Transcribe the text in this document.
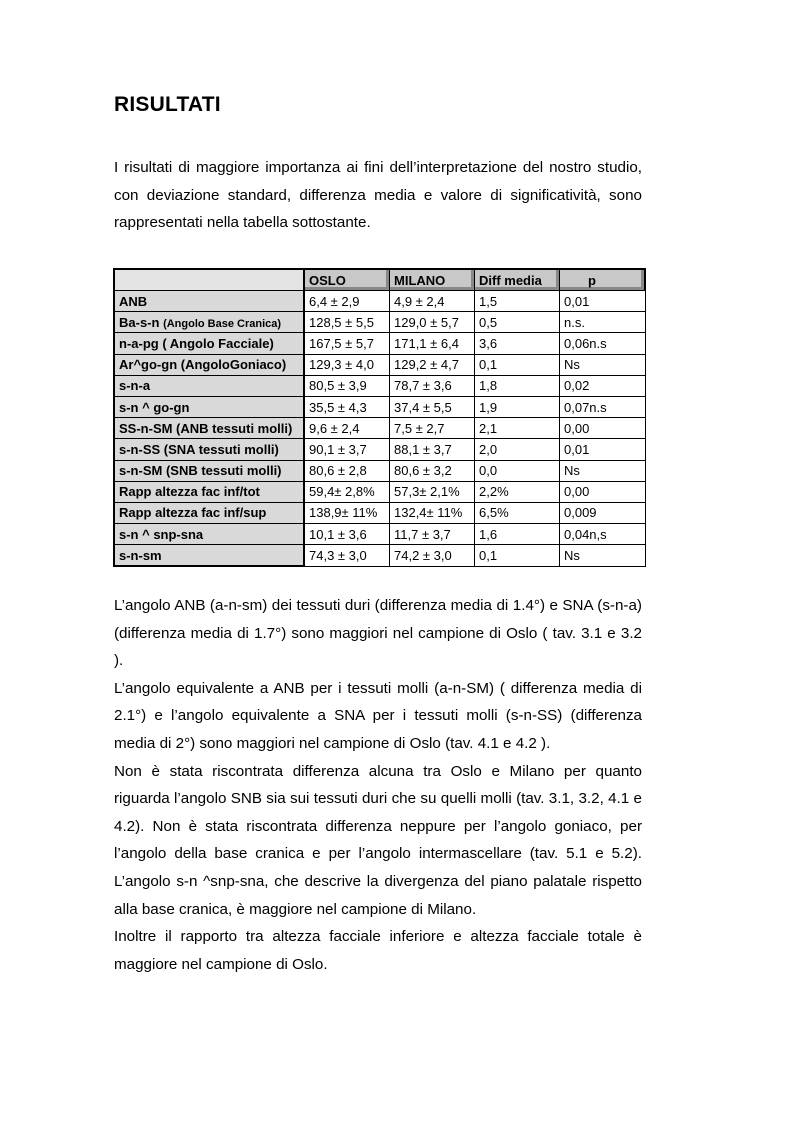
RISULTATI

I risultati di maggiore importanza ai fini dell’interpretazione del nostro studio, con deviazione standard, differenza media e valore di significatività, sono rappresentati nella tabella sottostante.

	OSLO	MILANO	Diff media	p
ANB	6,4 ± 2,9	4,9 ± 2,4	1,5	0,01
Ba-s-n (Angolo Base Cranica)	128,5 ± 5,5	129,0 ± 5,7	0,5	n.s.
n-a-pg ( Angolo Facciale)	167,5 ± 5,7	171,1 ± 6,4	3,6	0,06n.s
Ar^go-gn (AngoloGoniaco)	129,3 ± 4,0	129,2 ± 4,7	0,1	Ns
s-n-a	80,5 ± 3,9	78,7 ± 3,6	1,8	0,02
s-n ^ go-gn	35,5 ± 4,3	37,4 ± 5,5	1,9	0,07n.s
SS-n-SM (ANB tessuti molli)	9,6 ± 2,4	7,5 ± 2,7	2,1	0,00
s-n-SS (SNA tessuti molli)	90,1 ± 3,7	88,1 ± 3,7	2,0	0,01
s-n-SM (SNB tessuti molli)	80,6 ± 2,8	80,6 ± 3,2	0,0	Ns
Rapp altezza fac inf/tot	59,4± 2,8%	57,3± 2,1%	2,2%	0,00
Rapp altezza fac inf/sup	138,9± 11%	132,4± 11%	6,5%	0,009
s-n ^ snp-sna	10,1 ± 3,6	11,7 ± 3,7	1,6	0,04n,s
s-n-sm	74,3 ± 3,0	74,2 ± 3,0	0,1	Ns

L’angolo ANB (a-n-sm) dei tessuti duri (differenza media di 1.4°) e SNA (s-n-a) (differenza media di 1.7°) sono maggiori nel campione di Oslo ( tav. 3.1 e 3.2 ).

L’angolo equivalente a ANB per i tessuti molli (a-n-SM) ( differenza media di 2.1°) e l’angolo equivalente a SNA per i tessuti molli (s-n-SS) (differenza media di 2°) sono maggiori nel campione di Oslo (tav. 4.1 e 4.2 ).

Non è stata riscontrata differenza alcuna tra Oslo e Milano per quanto riguarda l’angolo SNB sia sui tessuti duri che su quelli molli (tav. 3.1, 3.2, 4.1 e 4.2). Non è stata riscontrata differenza neppure per l’angolo goniaco, per l’angolo della base cranica e per l’angolo intermascellare (tav. 5.1 e 5.2). L’angolo s-n ^snp-sna, che descrive la divergenza del piano palatale rispetto alla base cranica, è maggiore nel campione di Milano.

Inoltre il rapporto tra altezza facciale inferiore e altezza facciale totale è maggiore nel campione di Oslo.
